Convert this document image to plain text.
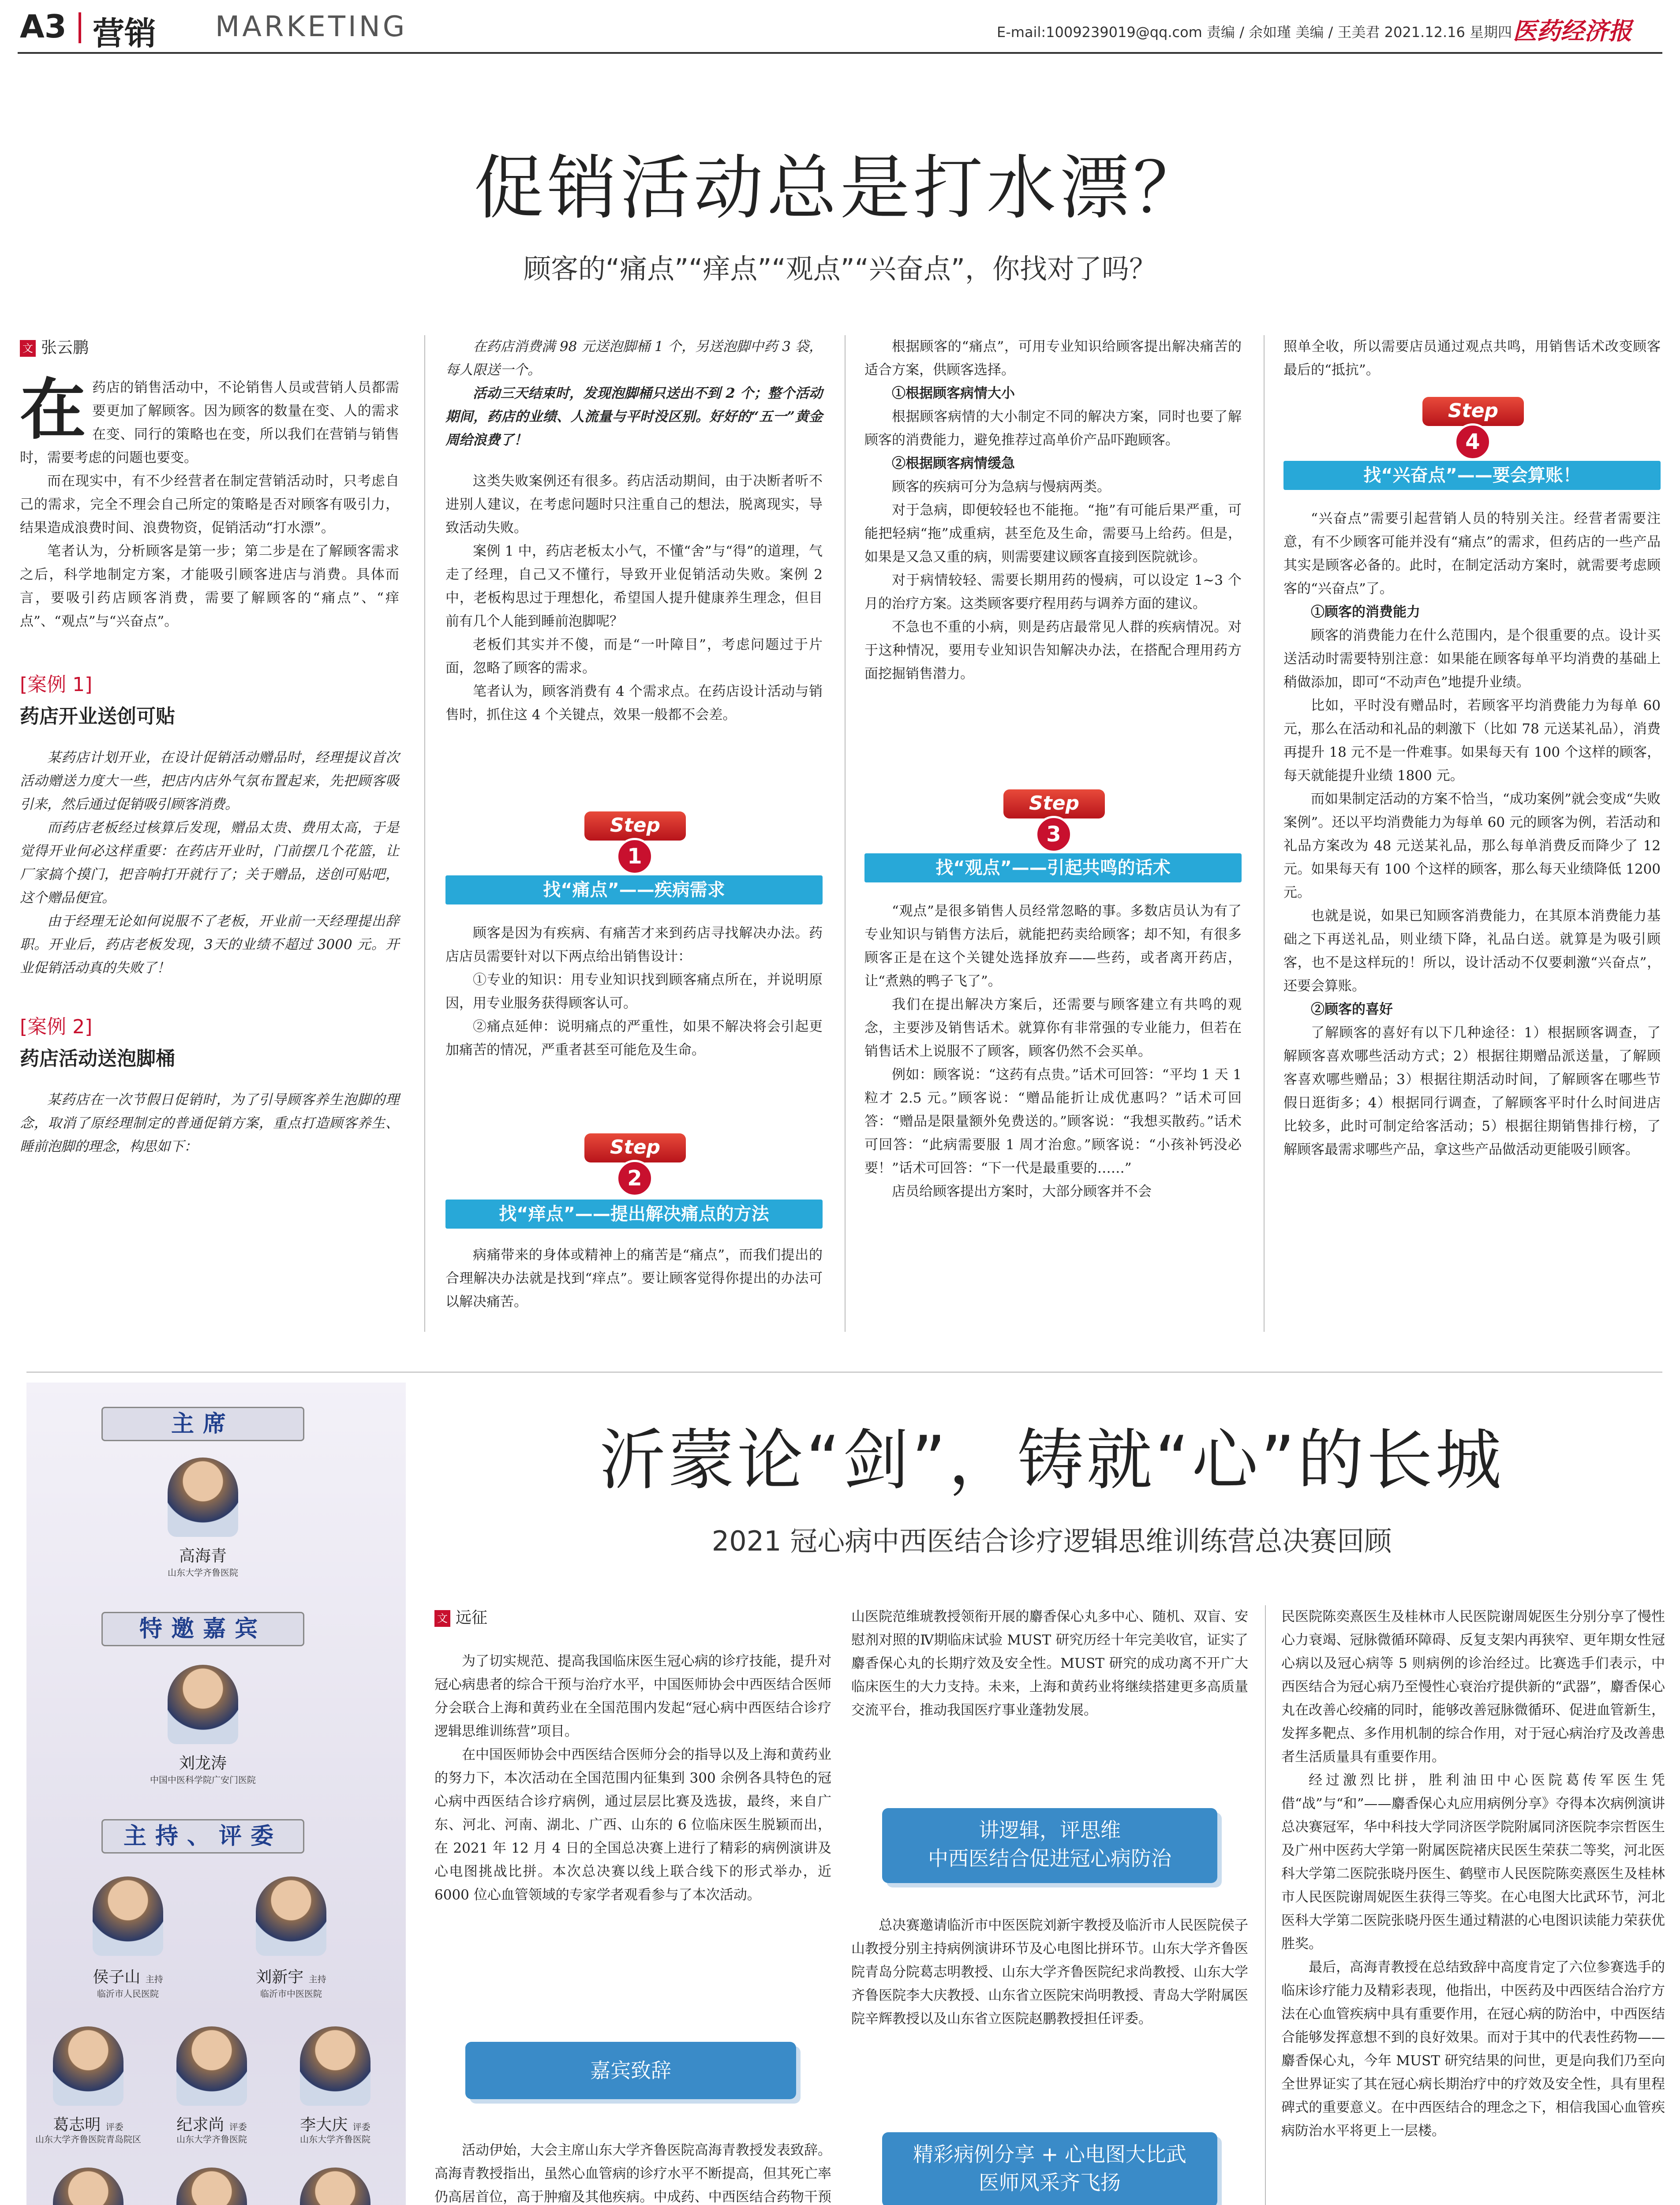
A3 营销 MARKETING	E-mail:1009239019@qq.com 责编 / 余如瑾 美编 / 王美君 2021.12.16 星期四 医药经济报
促销活动总是打水漂？
顾客的“痛点”“痒点”“观点”“兴奋点”，你找对了吗？
文 张云鹏

在药店的销售活动中，不论销售人员或营销人员都需要更加了解顾客。因为顾客的数量在变、人的需求在变、同行的策略也在变，所以我们在营销与销售时，需要考虑的问题也要变。

而在现实中，有不少经营者在制定营销活动时，只考虑自己的需求，完全不理会自己所定的策略是否对顾客有吸引力，结果造成浪费时间、浪费物资，促销活动“打水漂”。

笔者认为，分析顾客是第一步；第二步是在了解顾客需求之后，科学地制定方案，才能吸引顾客进店与消费。具体而言，要吸引药店顾客消费，需要了解顾客的“痛点”、“痒点”、“观点”与“兴奋点”。

[案例 1]
药店开业送创可贴

某药店计划开业，在设计促销活动赠品时，经理提议首次活动赠送力度大一些，把店内店外气氛布置起来，先把顾客吸引来，然后通过促销吸引顾客消费。

而药店老板经过核算后发现，赠品太贵、费用太高，于是觉得开业何必这样重要：在药店开业时，门前摆几个花篮，让厂家搞个摸门，把音响打开就行了；关于赠品，送创可贴吧，这个赠品便宜。

由于经理无论如何说服不了老板，开业前一天经理提出辞职。开业后，药店老板发现，3天的业绩不超过 3000 元。开业促销活动真的失败了！

[案例 2]
药店活动送泡脚桶

某药店在一次节假日促销时，为了引导顾客养生泡脚的理念，取消了原经理制定的普通促销方案，重点打造顾客养生、睡前泡脚的理念，构思如下：

在药店消费满 98 元送泡脚桶 1 个，另送泡脚中药 3 袋，每人限送一个。

活动三天结束时，发现泡脚桶只送出不到 2 个；整个活动期间，药店的业绩、人流量与平时没区别。好好的“五一”黄金周给浪费了！

这类失败案例还有很多。药店活动期间，由于决断者听不进别人建议，在考虑问题时只注重自己的想法，脱离现实，导致活动失败。

案例 1 中，药店老板太小气，不懂“舍”与“得”的道理，气走了经理，自己又不懂行，导致开业促销活动失败。案例 2 中，老板构思过于理想化，希望国人提升健康养生理念，但目前有几个人能到睡前泡脚呢？

老板们其实并不傻，而是“一叶障目”，考虑问题过于片面，忽略了顾客的需求。

笔者认为，顾客消费有 4 个需求点。在药店设计活动与销售时，抓住这 4 个关键点，效果一般都不会差。

Step
1
找“痛点”——疾病需求

顾客是因为有疾病、有痛苦才来到药店寻找解决办法。药店店员需要针对以下两点给出销售设计：

①专业的知识：用专业知识找到顾客痛点所在，并说明原因，用专业服务获得顾客认可。

②痛点延伸：说明痛点的严重性，如果不解决将会引起更加痛苦的情况，严重者甚至可能危及生命。

Step
2
找“痒点”——提出解决痛点的方法

病痛带来的身体或精神上的痛苦是“痛点”，而我们提出的合理解决办法就是找到“痒点”。要让顾客觉得你提出的办法可以解决痛苦。

根据顾客的“痛点”，可用专业知识给顾客提出解决痛苦的适合方案，供顾客选择。

①根据顾客病情大小

根据顾客病情的大小制定不同的解决方案，同时也要了解顾客的消费能力，避免推荐过高单价产品吓跑顾客。

②根据顾客病情缓急

顾客的疾病可分为急病与慢病两类。

对于急病，即便较轻也不能拖。“拖”有可能后果严重，可能把轻病“拖”成重病，甚至危及生命，需要马上给药。但是，如果是又急又重的病，则需要建议顾客直接到医院就诊。

对于病情较轻、需要长期用药的慢病，可以设定 1~3 个月的治疗方案。这类顾客要疗程用药与调养方面的建议。

不急也不重的小病，则是药店最常见人群的疾病情况。对于这种情况，要用专业知识告知解决办法，在搭配合理用药方面挖掘销售潜力。

Step
3
找“观点”——引起共鸣的话术

“观点”是很多销售人员经常忽略的事。多数店员认为有了专业知识与销售方法后，就能把药卖给顾客；却不知，有很多顾客正是在这个关键处选择放弃——些药，或者离开药店，让“煮熟的鸭子飞了”。

我们在提出解决方案后，还需要与顾客建立有共鸣的观念，主要涉及销售话术。就算你有非常强的专业能力，但若在销售话术上说服不了顾客，顾客仍然不会买单。

例如：顾客说：“这药有点贵。”话术可回答：“平均 1 天 1 粒才 2.5 元。”顾客说：“赠品能折让成优惠吗？”话术可回答：“赠品是限量额外免费送的。”顾客说：“我想买散药。”话术可回答：“此病需要服 1 周才治愈。”顾客说：“小孩补钙没必要！”话术可回答：“下一代是最重要的……”

店员给顾客提出方案时，大部分顾客并不会

照单全收，所以需要店员通过观点共鸣，用销售话术改变顾客最后的“抵抗”。

Step
4
找“兴奋点”——要会算账！

“兴奋点”需要引起营销人员的特别关注。经营者需要注意，有不少顾客可能并没有“痛点”的需求，但药店的一些产品其实是顾客必备的。此时，在制定活动方案时，就需要考虑顾客的“兴奋点”了。

①顾客的消费能力

顾客的消费能力在什么范围内，是个很重要的点。设计买送活动时需要特别注意：如果能在顾客每单平均消费的基础上稍做添加，即可“不动声色”地提升业绩。

比如，平时没有赠品时，若顾客平均消费能力为每单 60 元，那么在活动和礼品的刺激下（比如 78 元送某礼品），消费再提升 18 元不是一件难事。如果每天有 100 个这样的顾客，每天就能提升业绩 1800 元。

而如果制定活动的方案不恰当，“成功案例”就会变成“失败案例”。还以平均消费能力为每单 60 元的顾客为例，若活动和礼品方案改为 48 元送某礼品，那么每单消费反而降少了 12 元。如果每天有 100 个这样的顾客，那么每天业绩降低 1200 元。

也就是说，如果已知顾客消费能力，在其原本消费能力基础之下再送礼品，则业绩下降，礼品白送。就算是为吸引顾客，也不是这样玩的！所以，设计活动不仅要刺激“兴奋点”，还要会算账。

②顾客的喜好

了解顾客的喜好有以下几种途径：1）根据顾客调查，了解顾客喜欢哪些活动方式；2）根据往期赠品派送量，了解顾客喜欢哪些赠品；3）根据往期活动时间，了解顾客在哪些节假日逛街多；4）根据同行调查，了解顾客平时什么时间进店比较多，此时可制定给客活动；5）根据往期销售排行榜，了解顾客最需求哪些产品，拿这些产品做活动更能吸引顾客。

主席
高海青
山东大学齐鲁医院
特邀嘉宾
刘龙涛
中国中医科学院广安门医院
主持、评委
侯子山 主持
临沂市人民医院
刘新宇 主持
临沂市中医医院
葛志明 评委
山东大学齐鲁医院青岛院区
纪求尚 评委
山东大学齐鲁医院
李大庆 评委
山东大学齐鲁医院
沂蒙论“剑”，铸就“心”的长城
2021 冠心病中西医结合诊疗逻辑思维训练营总决赛回顾
文 远征

为了切实规范、提高我国临床医生冠心病的诊疗技能，提升对冠心病患者的综合干预与治疗水平，中国医师协会中西医结合医师分会联合上海和黄药业在全国范围内发起“冠心病中西医结合诊疗逻辑思维训练营”项目。

在中国医师协会中西医结合医师分会的指导以及上海和黄药业的努力下，本次活动在全国范围内征集到 300 余例各具特色的冠心病中西医结合诊疗病例，通过层层比赛及选拔，最终，来自广东、河北、河南、湖北、广西、山东的 6 位临床医生脱颖而出，在 2021 年 12 月 4 日的全国总决赛上进行了精彩的病例演讲及心电图挑战比拼。本次总决赛以线上联合线下的形式举办，近 6000 位心血管领域的专家学者观看参与了本次活动。

嘉宾致辞

活动伊始，大会主席山东大学齐鲁医院高海青教授发表致辞。高海青教授指出，虽然心血管病的诊疗水平不断提高，但其死亡率仍高居首位，高于肿瘤及其他疾病。中成药、中西医结合药物干预

山医院范维琥教授领衔开展的麝香保心丸多中心、随机、双盲、安慰剂对照的Ⅳ期临床试验 MUST 研究历经十年完美收官，证实了麝香保心丸的长期疗效及安全性。MUST 研究的成功离不开广大临床医生的大力支持。未来，上海和黄药业将继续搭建更多高质量交流平台，推动我国医疗事业蓬勃发展。

讲逻辑，评思维
中西医结合促进冠心病防治

总决赛邀请临沂市中医医院刘新宇教授及临沂市人民医院侯子山教授分别主持病例演讲环节及心电图比拼环节。山东大学齐鲁医院青岛分院葛志明教授、山东大学齐鲁医院纪求尚教授、山东大学齐鲁医院李大庆教授、山东省立医院宋尚明教授、青岛大学附属医院辛辉教授以及山东省立医院赵鹏教授担任评委。

精彩病例分享 + 心电图大比武
医师风采齐飞扬

民医院陈奕熹医生及桂林市人民医院谢周妮医生分别分享了慢性心力衰竭、冠脉微循环障碍、反复支架内再狭窄、更年期女性冠心病以及冠心病等 5 则病例的诊治经过。比赛选手们表示，中西医结合为冠心病乃至慢性心衰治疗提供新的“武器”，麝香保心丸在改善心绞痛的同时，能够改善冠脉微循环、促进血管新生，发挥多靶点、多作用机制的综合作用，对于冠心病治疗及改善患者生活质量具有重要作用。

经过激烈比拼，胜利油田中心医院葛传军医生凭借“战”与“和”——麝香保心丸应用病例分享》夺得本次病例演讲总决赛冠军，华中科技大学同济医学院附属同济医院李宗哲医生及广州中医药大学第一附属医院褚庆民医生荣获二等奖，河北医科大学第二医院张晓丹医生、鹤壁市人民医院陈奕熹医生及桂林市人民医院谢周妮医生获得三等奖。在心电图大比武环节，河北医科大学第二医院张晓丹医生通过精湛的心电图识读能力荣获优胜奖。

最后，高海青教授在总结致辞中高度肯定了六位参赛选手的临床诊疗能力及精彩表现，他指出，中医药及中西医结合治疗方法在心血管疾病中具有重要作用，在冠心病的防治中，中西医结合能够发挥意想不到的良好效果。而对于其中的代表性药物——麝香保心丸，今年 MUST 研究结果的问世，更是向我们乃至向全世界证实了其在冠心病长期治疗中的疗效及安全性，具有里程碑式的重要意义。在中西医结合的理念之下，相信我国心血管疾病防治水平将更上一层楼。
